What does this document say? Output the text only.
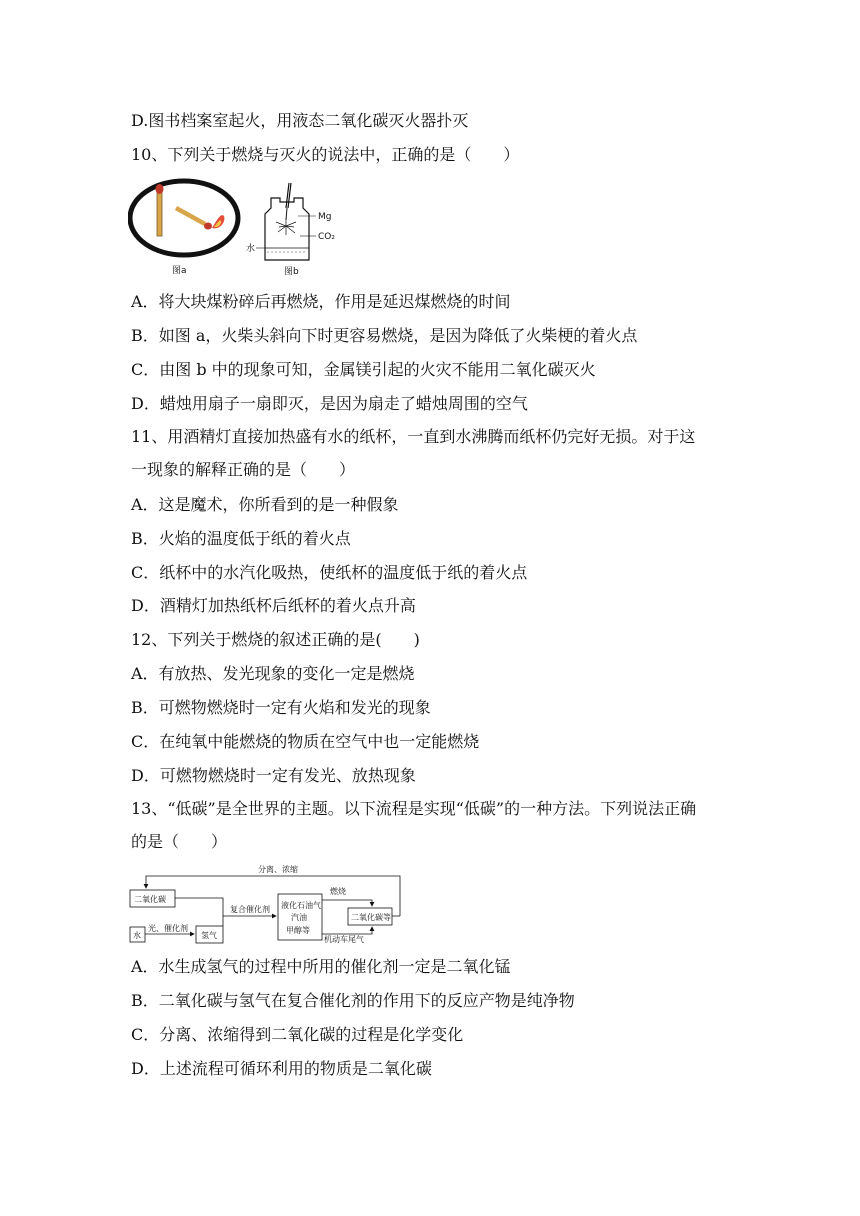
D.图书档案室起火，用液态二氧化碳灭火器扑灭
10、下列关于燃烧与灭火的说法中，正确的是（　　）
图a
Mg
CO₂
水
图b
A．将大块煤粉碎后再燃烧，作用是延迟煤燃烧的时间
B．如图 a，火柴头斜向下时更容易燃烧，是因为降低了火柴梗的着火点
C．由图 b 中的现象可知，金属镁引起的火灾不能用二氧化碳灭火
D．蜡烛用扇子一扇即灭，是因为扇走了蜡烛周围的空气
11、用酒精灯直接加热盛有水的纸杯，一直到水沸腾而纸杯仍完好无损。对于这
一现象的解释正确的是（　　）
A．这是魔术，你所看到的是一种假象
B．火焰的温度低于纸的着火点
C．纸杯中的水汽化吸热，使纸杯的温度低于纸的着火点
D．酒精灯加热纸杯后纸杯的着火点升高
12、下列关于燃烧的叙述正确的是(　　)
A．有放热、发光现象的变化一定是燃烧
B．可燃物燃烧时一定有火焰和发光的现象
C．在纯氧中能燃烧的物质在空气中也一定能燃烧
D．可燃物燃烧时一定有发光、放热现象
13、“低碳”是全世界的主题。以下流程是实现“低碳”的一种方法。下列说法正确
的是（　　）
分离、浓缩
二氧化碳
水
光、催化剂
氢气
复合催化剂 液化石油气
汽油
甲醇等
燃烧
二氧化碳等
机动车尾气
A．水生成氢气的过程中所用的催化剂一定是二氧化锰
B．二氧化碳与氢气在复合催化剂的作用下的反应产物是纯净物
C．分离、浓缩得到二氧化碳的过程是化学变化
D．上述流程可循环利用的物质是二氧化碳
